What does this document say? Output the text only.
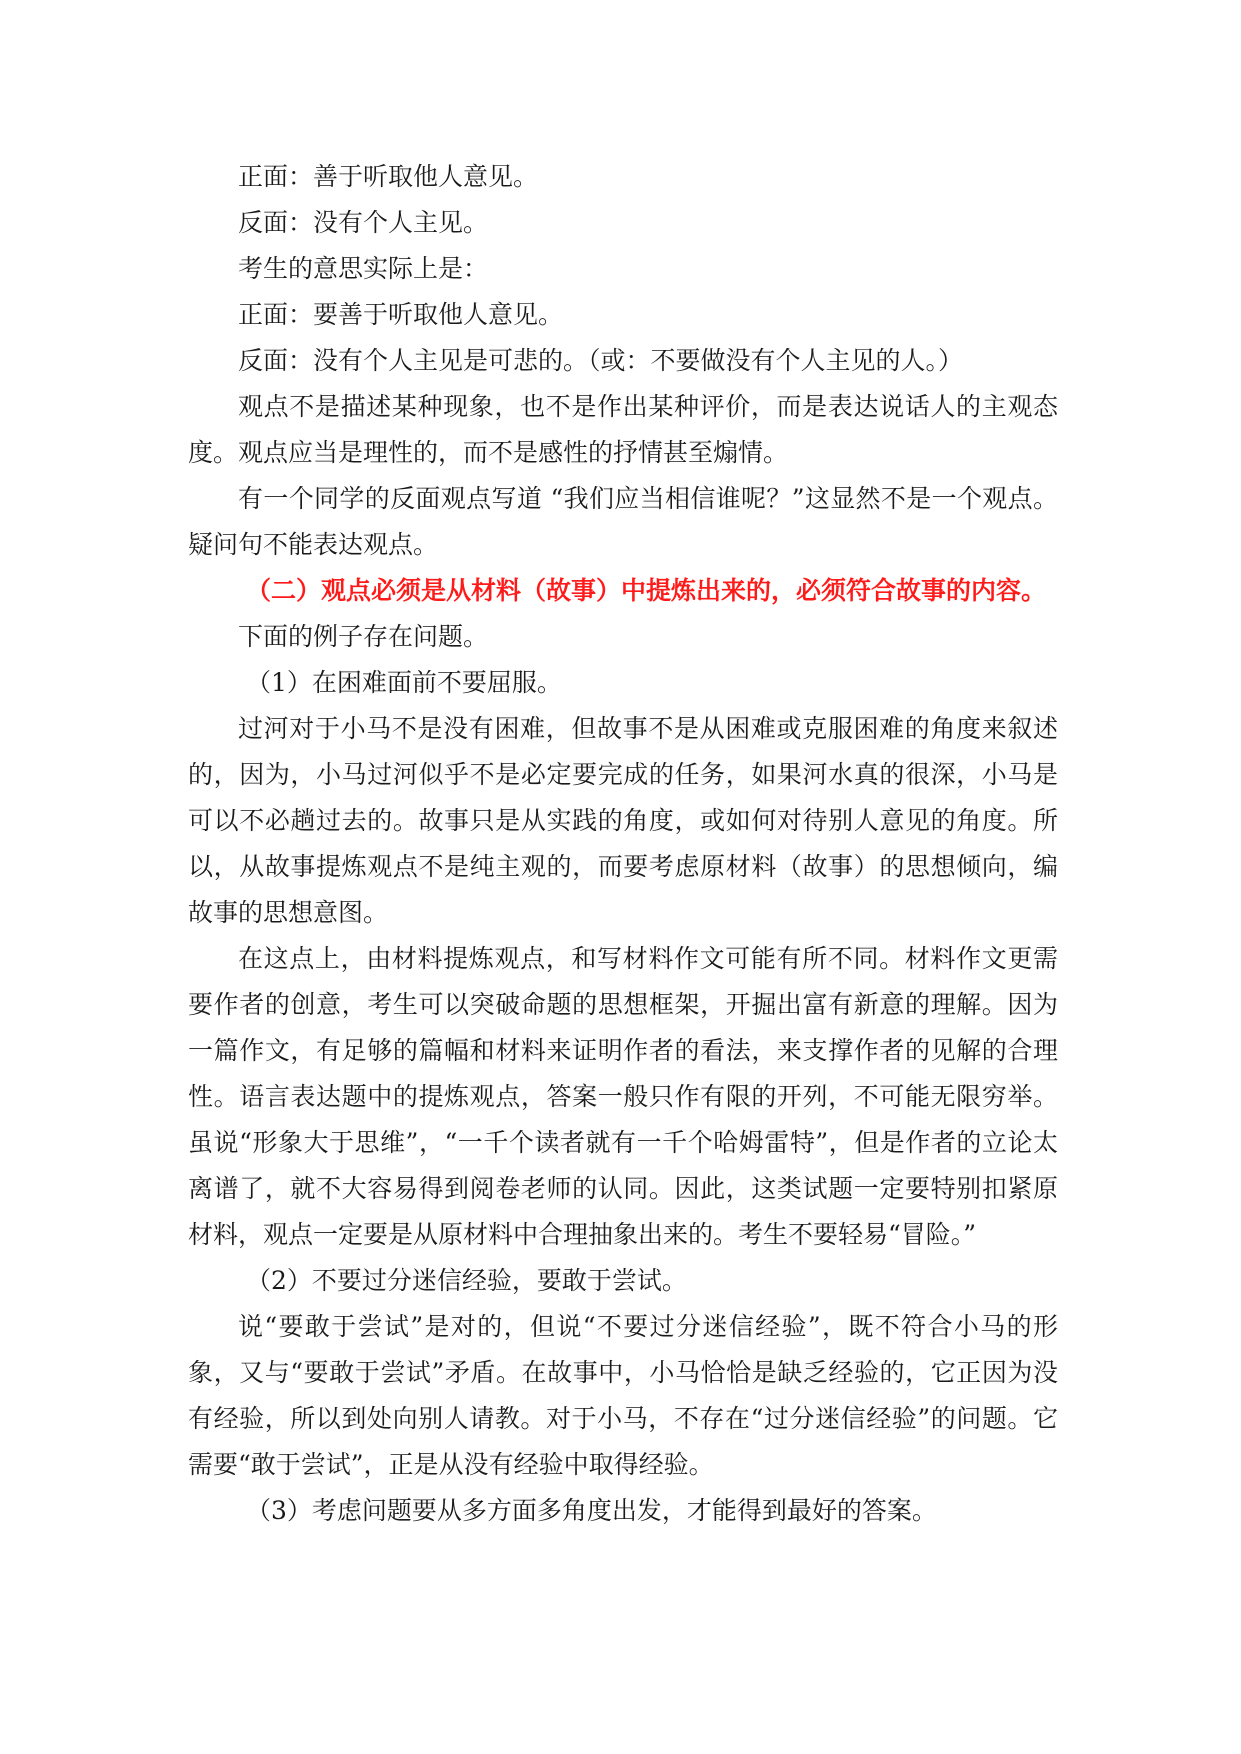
正面：善于听取他人意见。

反面：没有个人主见。

考生的意思实际上是：

正面：要善于听取他人意见。

反面：没有个人主见是可悲的。（或：不要做没有个人主见的人。）

观点不是描述某种现象，也不是作出某种评价，而是表达说话人的主观态度。观点应当是理性的，而不是感性的抒情甚至煽情。

有一个同学的反面观点写道 “我们应当相信谁呢？”这显然不是一个观点。疑问句不能表达观点。

（二）观点必须是从材料（故事）中提炼出来的，必须符合故事的内容。

下面的例子存在问题。

（1）在困难面前不要屈服。

过河对于小马不是没有困难，但故事不是从困难或克服困难的角度来叙述的，因为，小马过河似乎不是必定要完成的任务，如果河水真的很深，小马是可以不必趟过去的。故事只是从实践的角度，或如何对待别人意见的角度。所以，从故事提炼观点不是纯主观的，而要考虑原材料（故事）的思想倾向，编故事的思想意图。

在这点上，由材料提炼观点，和写材料作文可能有所不同。材料作文更需要作者的创意，考生可以突破命题的思想框架，开掘出富有新意的理解。因为一篇作文，有足够的篇幅和材料来证明作者的看法，来支撑作者的见解的合理性。语言表达题中的提炼观点，答案一般只作有限的开列，不可能无限穷举。虽说“形象大于思维”，“一千个读者就有一千个哈姆雷特”，但是作者的立论太离谱了，就不大容易得到阅卷老师的认同。因此，这类试题一定要特别扣紧原材料，观点一定要是从原材料中合理抽象出来的。考生不要轻易“冒险。”

（2）不要过分迷信经验，要敢于尝试。

说“要敢于尝试”是对的，但说“不要过分迷信经验”，既不符合小马的形象，又与“要敢于尝试”矛盾。在故事中，小马恰恰是缺乏经验的，它正因为没有经验，所以到处向别人请教。对于小马，不存在“过分迷信经验”的问题。它需要“敢于尝试”，正是从没有经验中取得经验。

（3）考虑问题要从多方面多角度出发，才能得到最好的答案。
